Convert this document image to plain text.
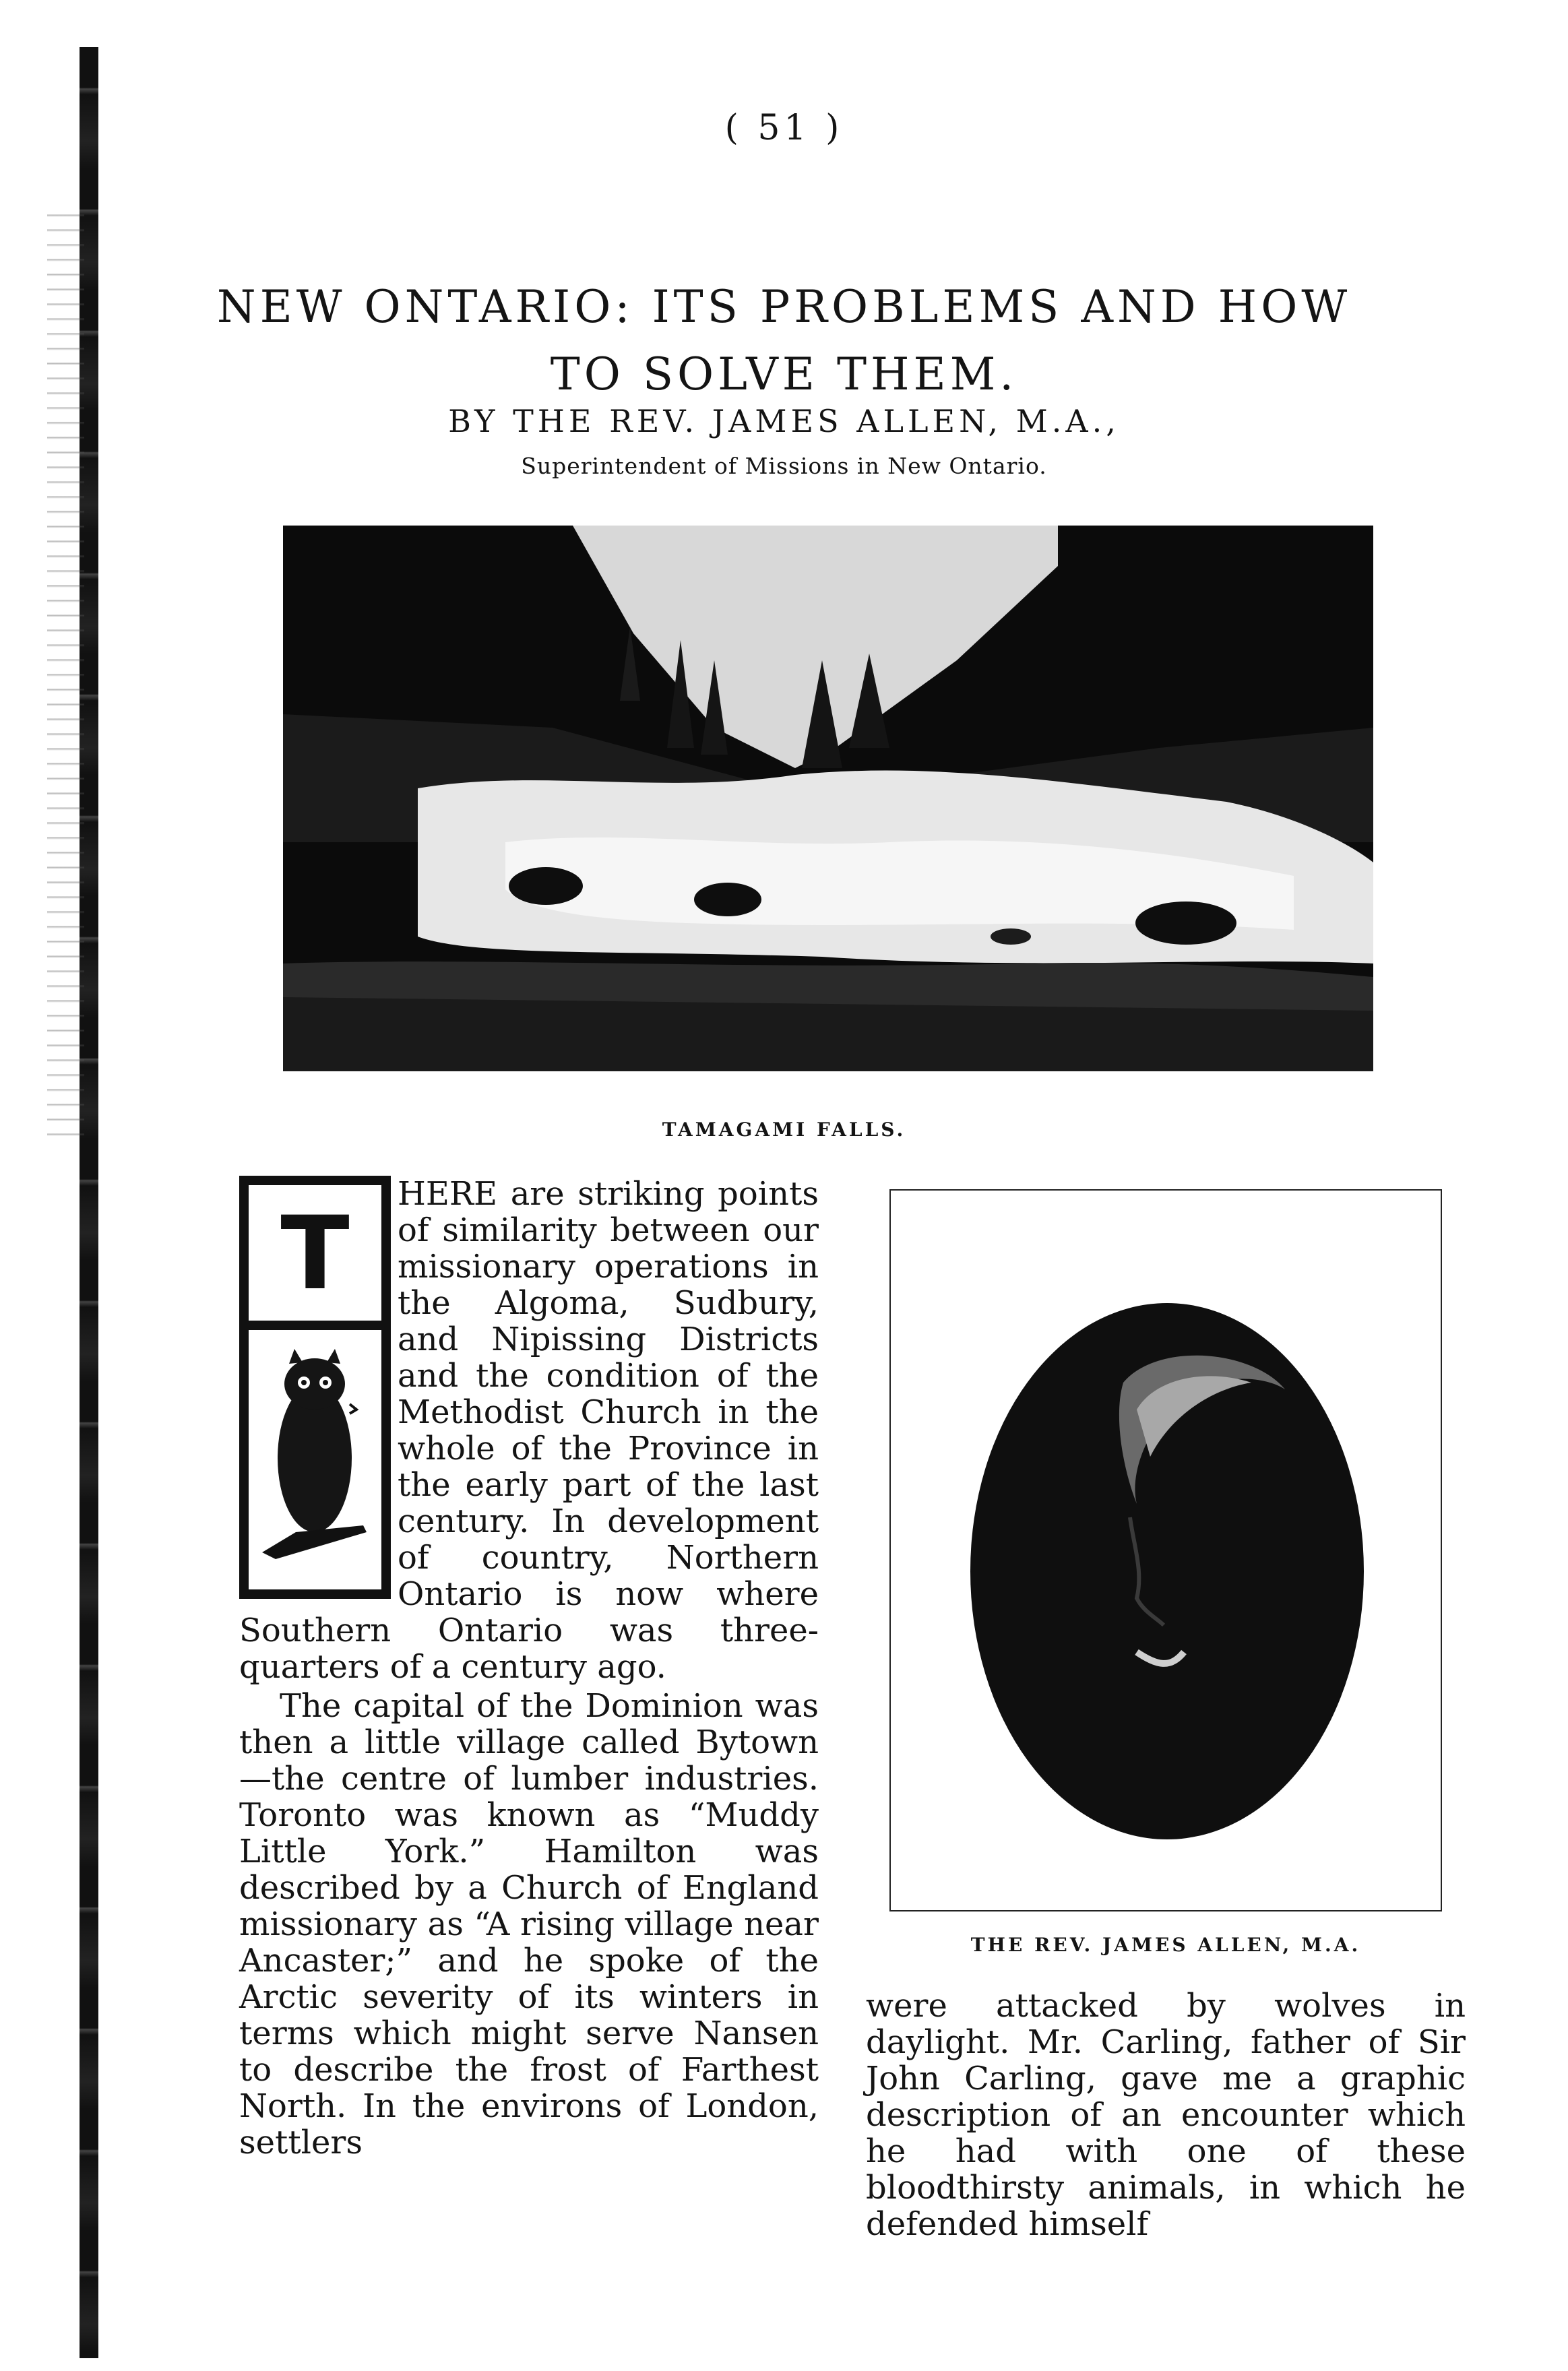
( 51 )
NEW ONTARIO: ITS PROBLEMS AND HOW
TO SOLVE THEM.
BY THE REV. JAMES ALLEN, M.A.,
Superintendent of Missions in New Ontario.
TAMAGAMI FALLS.

HERE are striking points of similarity between our missionary operations in the Algoma, Sudbury, and Nipissing Districts and the condition of the Methodist Church in the whole of the Province in the early part of the last century. In development of country, Northern Ontario is now where Southern Ontario was three-quarters of a century ago.

The capital of the Dominion was then a little village called Bytown—the centre of lumber industries. Toronto was known as “Muddy Little York.” Hamilton was described by a Church of England missionary as “A rising village near Ancaster;” and he spoke of the Arctic severity of its winters in terms which might serve Nansen to describe the frost of Farthest North. In the environs of London, settlers

T
THE REV. JAMES ALLEN, M.A.

were attacked by wolves in daylight. Mr. Carling, father of Sir John Carling, gave me a graphic description of an encounter which he had with one of these bloodthirsty animals, in which he defended himself
